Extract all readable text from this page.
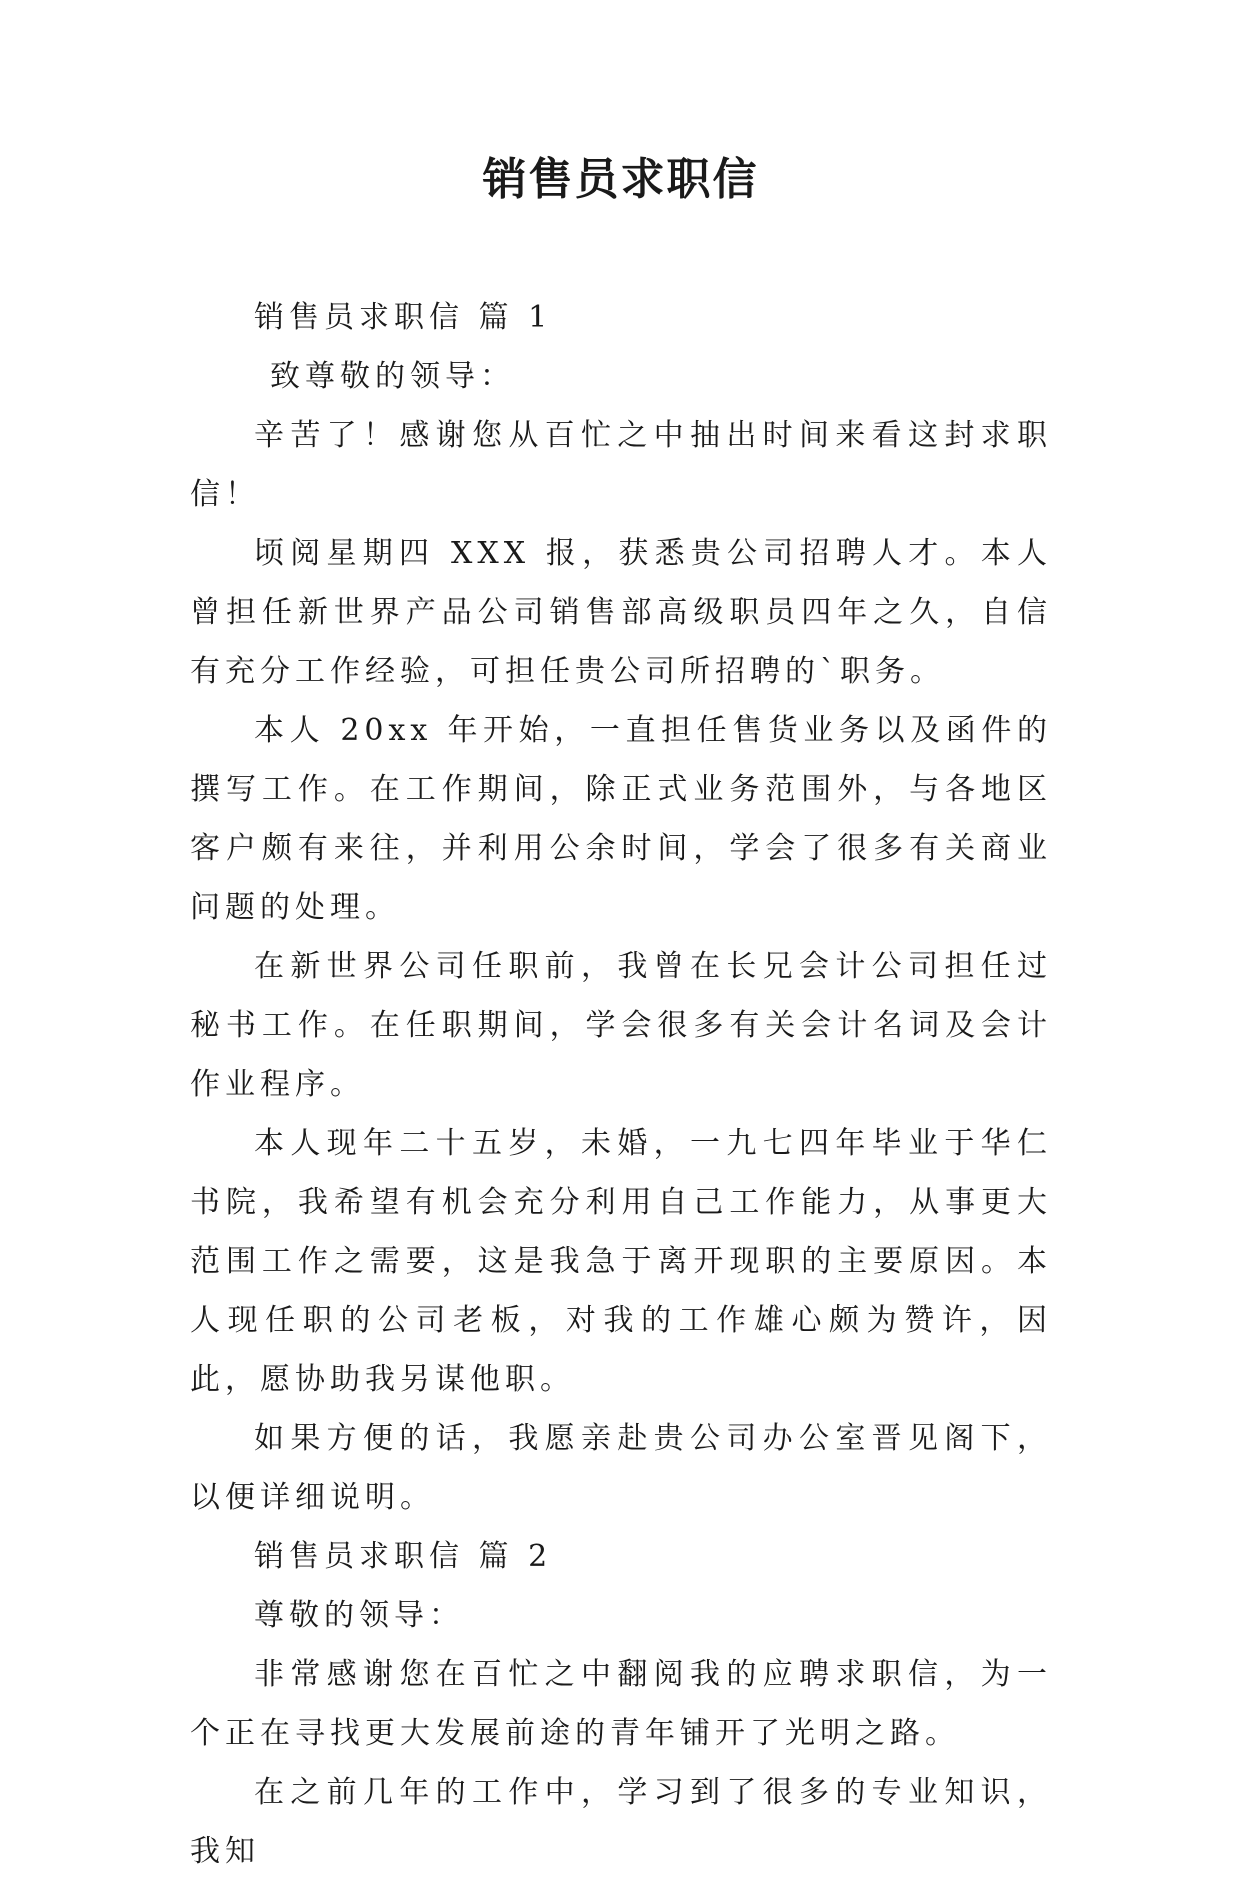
销售员求职信

销售员求职信 篇 1

致尊敬的领导：

辛苦了！感谢您从百忙之中抽出时间来看这封求职信！

顷阅星期四 XXX 报，获悉贵公司招聘人才。本人曾担任新世界产品公司销售部高级职员四年之久，自信有充分工作经验，可担任贵公司所招聘的`职务。

本人 20xx 年开始，一直担任售货业务以及函件的撰写工作。在工作期间，除正式业务范围外，与各地区客户颇有来往，并利用公余时间，学会了很多有关商业问题的处理。

在新世界公司任职前，我曾在长兄会计公司担任过秘书工作。在任职期间，学会很多有关会计名词及会计作业程序。

本人现年二十五岁，未婚，一九七四年毕业于华仁书院，我希望有机会充分利用自己工作能力，从事更大范围工作之需要，这是我急于离开现职的主要原因。本人现任职的公司老板，对我的工作雄心颇为赞许，因此，愿协助我另谋他职。

如果方便的话，我愿亲赴贵公司办公室晋见阁下，以便详细说明。

销售员求职信 篇 2

尊敬的领导：

非常感谢您在百忙之中翻阅我的应聘求职信，为一个正在寻找更大发展前途的青年铺开了光明之路。

在之前几年的工作中，学习到了很多的专业知识，我知
